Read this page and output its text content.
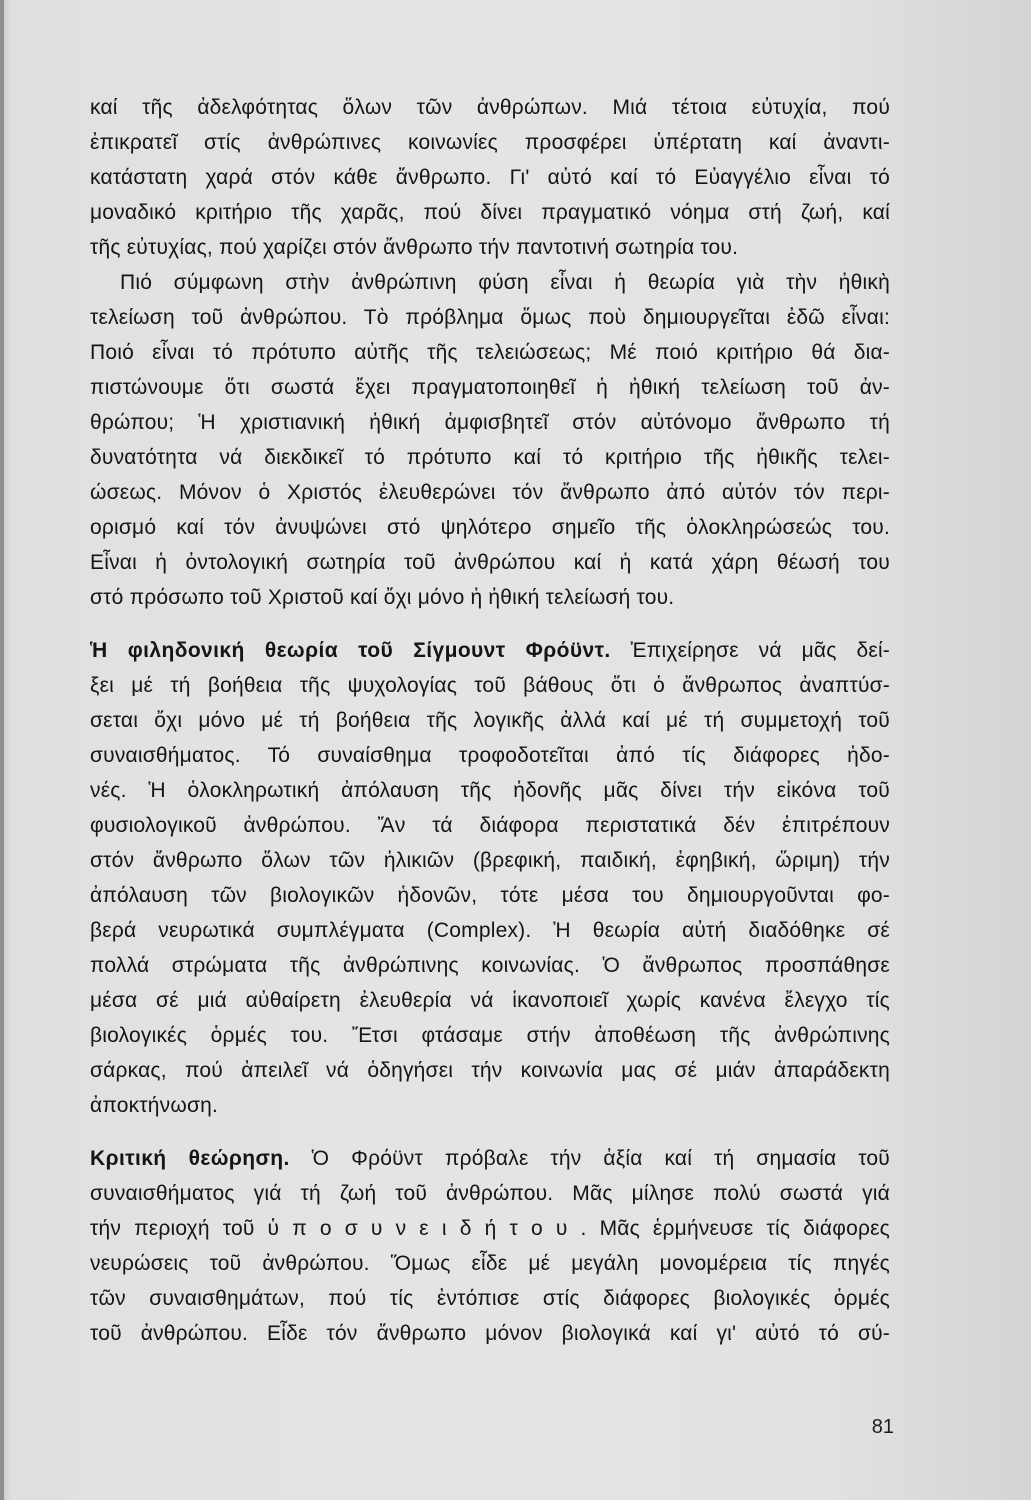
καί τῆς ἀδελφότητας ὅλων τῶν ἀνθρώπων. Μιά τέτοια εὐτυχία, πού
ἐπικρατεῖ στίς ἀνθρώπινες κοινωνίες προσφέρει ὑπέρτατη καί ἀναντι-
κατάστατη χαρά στόν κάθε ἄνθρωπο. Γι' αὐτό καί τό Εὐαγγέλιο εἶναι τό
μοναδικό κριτήριο τῆς χαρᾶς, πού δίνει πραγματικό νόημα στή ζωή, καί
τῆς εὐτυχίας, πού χαρίζει στόν ἄνθρωπο τήν παντοτινή σωτηρία του.
Πιό σύμφωνη στὴν ἀνθρώπινη φύση εἶναι ἡ θεωρία γιὰ τὴν ἠθικὴ
τελείωση τοῦ ἀνθρώπου. Τὸ πρόβλημα ὅμως ποὺ δημιουργεῖται ἐδῶ εἶναι:
Ποιό εἶναι τό πρότυπο αὐτῆς τῆς τελειώσεως; Μέ ποιό κριτήριο θά δια-
πιστώνουμε ὅτι σωστά ἔχει πραγματοποιηθεῖ ἡ ἠθική τελείωση τοῦ ἀν-
θρώπου; Ἡ χριστιανική ἠθική ἀμφισβητεῖ στόν αὐτόνομο ἄνθρωπο τή
δυνατότητα νά διεκδικεῖ τό πρότυπο καί τό κριτήριο τῆς ἠθικῆς τελει-
ώσεως. Μόνον ὁ Χριστός ἐλευθερώνει τόν ἄνθρωπο ἀπό αὐτόν τόν περι-
ορισμό καί τόν ἀνυψώνει στό ψηλότερο σημεῖο τῆς ὁλοκληρώσεώς του.
Εἶναι ἡ ὀντολογική σωτηρία τοῦ ἀνθρώπου καί ἡ κατά χάρη θέωσή του
στό πρόσωπο τοῦ Χριστοῦ καί ὄχι μόνο ἡ ἠθική τελείωσή του.
Ἡ φιληδονική θεωρία τοῦ Σίγμουντ Φρόϋντ. Ἐπιχείρησε νά μᾶς δεί-
ξει μέ τή βοήθεια τῆς ψυχολογίας τοῦ βάθους ὅτι ὁ ἄνθρωπος ἀναπτύσ-
σεται ὄχι μόνο μέ τή βοήθεια τῆς λογικῆς ἀλλά καί μέ τή συμμετοχή τοῦ
συναισθήματος. Τό συναίσθημα τροφοδοτεῖται ἀπό τίς διάφορες ἡδο-
νές. Ἡ ὁλοκληρωτική ἀπόλαυση τῆς ἡδονῆς μᾶς δίνει τήν εἰκόνα τοῦ
φυσιολογικοῦ ἀνθρώπου. Ἄν τά διάφορα περιστατικά δέν ἐπιτρέπουν
στόν ἄνθρωπο ὅλων τῶν ἡλικιῶν (βρεφική, παιδική, ἐφηβική, ὥριμη) τήν
ἀπόλαυση τῶν βιολογικῶν ἡδονῶν, τότε μέσα του δημιουργοῦνται φο-
βερά νευρωτικά συμπλέγματα (Complex). Ἡ θεωρία αὐτή διαδόθηκε σέ
πολλά στρώματα τῆς ἀνθρώπινης κοινωνίας. Ὁ ἄνθρωπος προσπάθησε
μέσα σέ μιά αὐθαίρετη ἐλευθερία νά ἱκανοποιεῖ χωρίς κανένα ἔλεγχο τίς
βιολογικές ὁρμές του. Ἔτσι φτάσαμε στήν ἀποθέωση τῆς ἀνθρώπινης
σάρκας, πού ἀπειλεῖ νά ὁδηγήσει τήν κοινωνία μας σέ μιάν ἀπαράδεκτη
ἀποκτήνωση.
Κριτική θεώρηση. Ὁ Φρόϋντ πρόβαλε τήν ἀξία καί τή σημασία τοῦ
συναισθήματος γιά τή ζωή τοῦ ἀνθρώπου. Μᾶς μίλησε πολύ σωστά γιά
τήν περιοχή τοῦ ὑ π ο σ υ ν ε ι δ ή τ ο υ . Μᾶς ἑρμήνευσε τίς διάφορες
νευρώσεις τοῦ ἀνθρώπου. Ὅμως εἶδε μέ μεγάλη μονομέρεια τίς πηγές
τῶν συναισθημάτων, πού τίς ἐντόπισε στίς διάφορες βιολογικές ὁρμές
τοῦ ἀνθρώπου. Εἶδε τόν ἄνθρωπο μόνον βιολογικά καί γι' αὐτό τό σύ-
81
